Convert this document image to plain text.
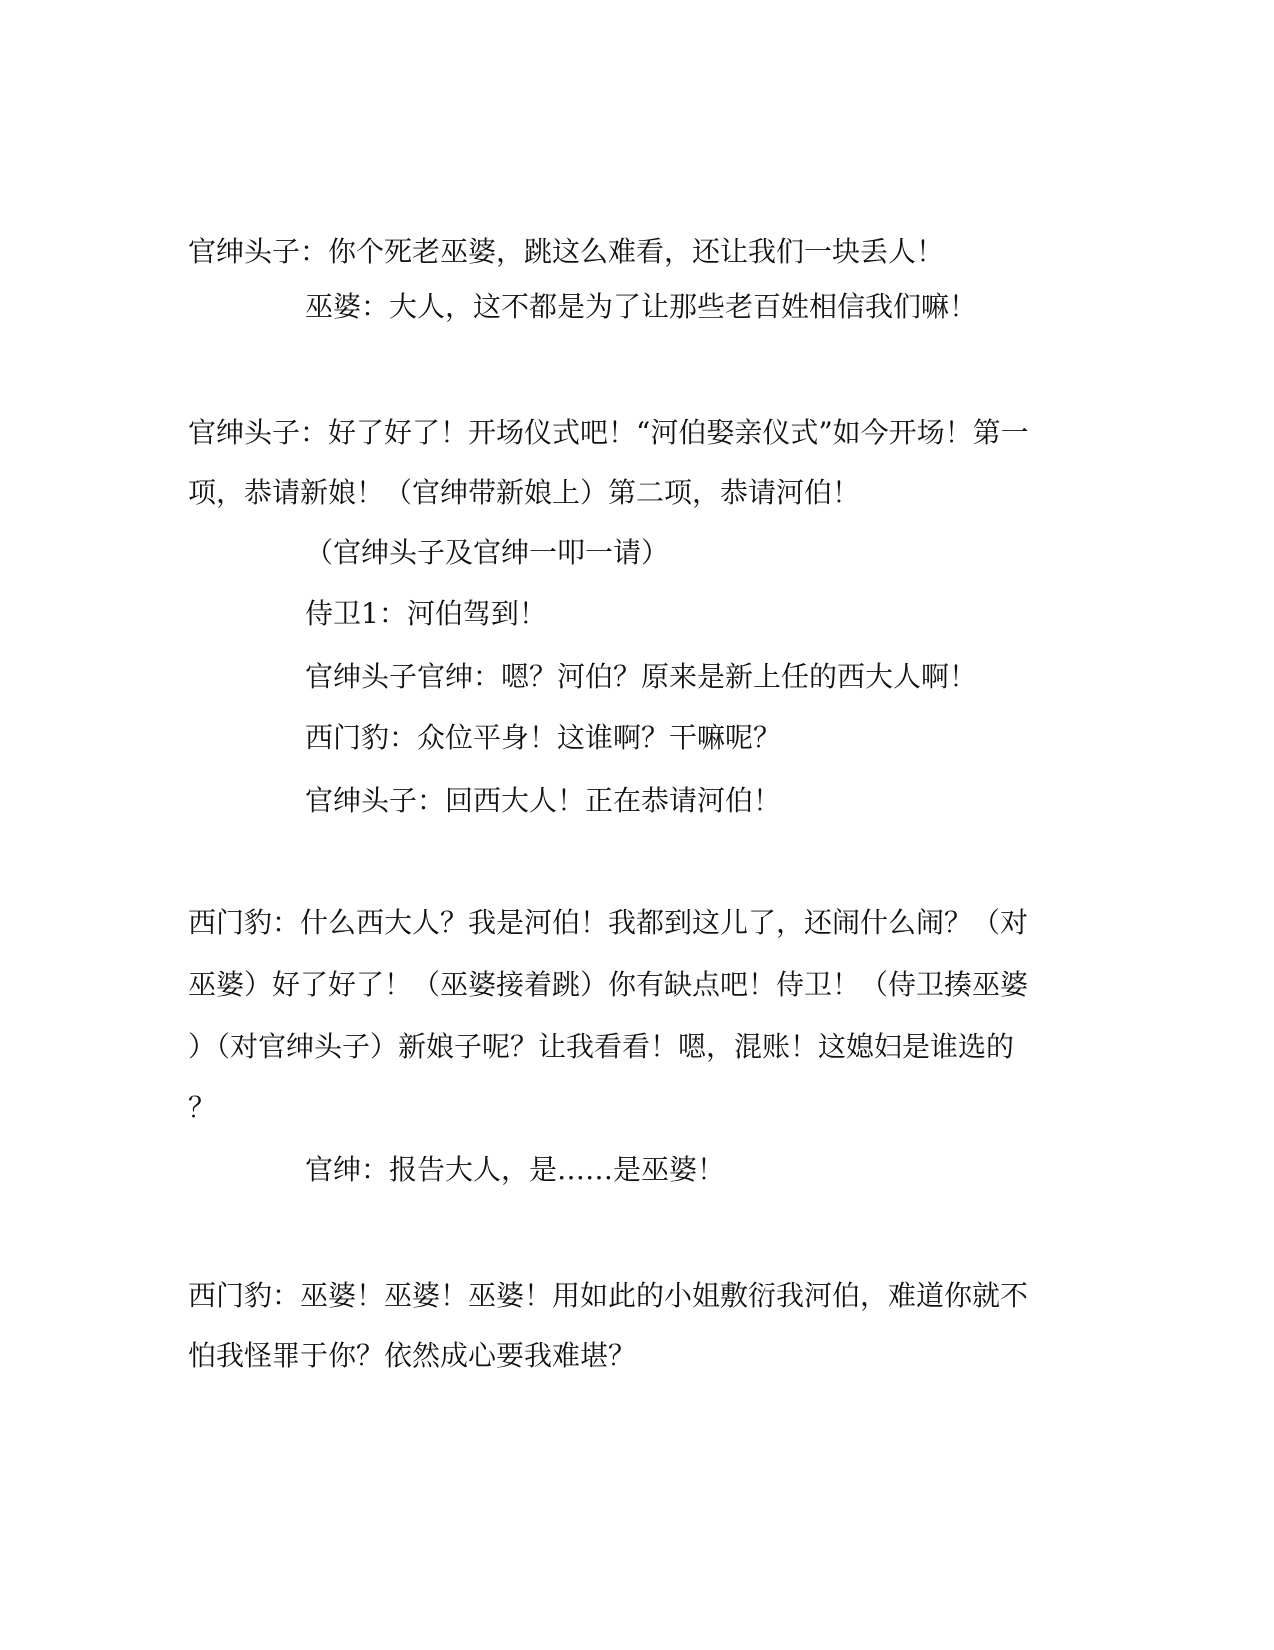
官绅头子：你个死老巫婆，跳这么难看，还让我们一块丢人！
巫婆：大人，这不都是为了让那些老百姓相信我们嘛！
官绅头子：好了好了！开场仪式吧！“河伯娶亲仪式”如今开场！第一
项，恭请新娘！（官绅带新娘上）第二项，恭请河伯！
（官绅头子及官绅一叩一请）
侍卫1：河伯驾到！
官绅头子官绅：嗯？河伯？原来是新上任的西大人啊！
西门豹：众位平身！这谁啊？干嘛呢？
官绅头子：回西大人！正在恭请河伯！
西门豹：什么西大人？我是河伯！我都到这儿了，还闹什么闹？（对
巫婆）好了好了！（巫婆接着跳）你有缺点吧！侍卫！（侍卫揍巫婆
）（对官绅头子）新娘子呢？让我看看！嗯，混账！这媳妇是谁选的
？
官绅：报告大人，是……是巫婆！
西门豹：巫婆！巫婆！巫婆！用如此的小姐敷衍我河伯，难道你就不
怕我怪罪于你？依然成心要我难堪？
